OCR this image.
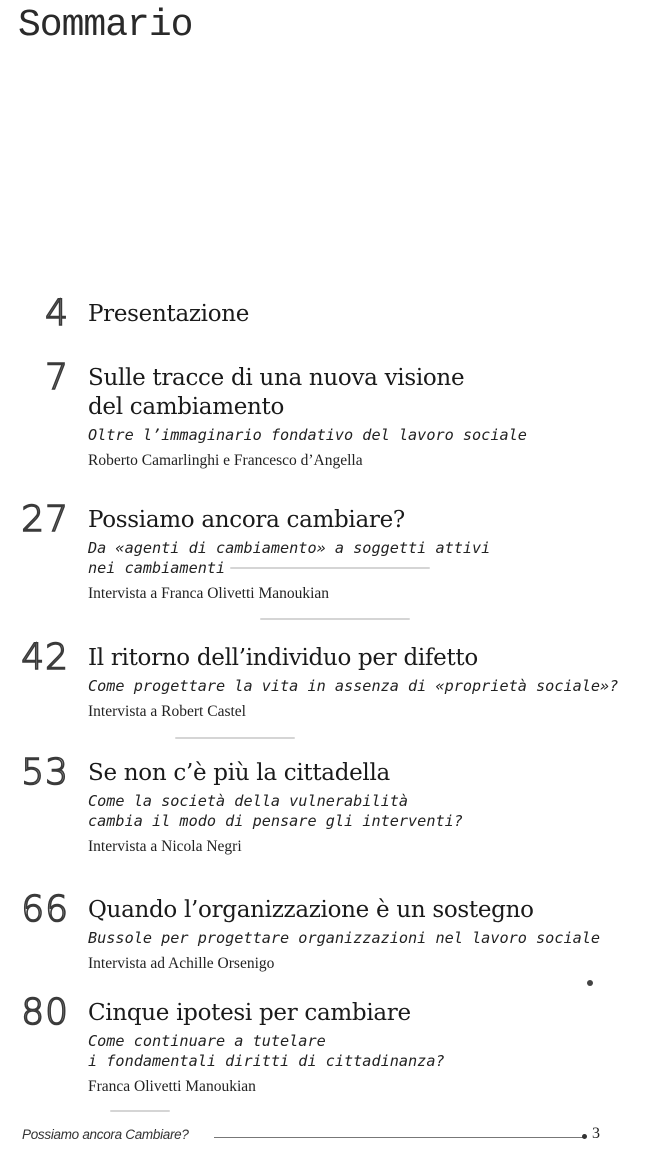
Sommario
4 Presentazione
7 Sulle tracce di una nuova visione
del cambiamento
Oltre l’immaginario fondativo del lavoro sociale
Roberto Camarlinghi e Francesco d’Angella
27 Possiamo ancora cambiare?
Da «agenti di cambiamento» a soggetti attivi
nei cambiamenti
Intervista a Franca Olivetti Manoukian
42 Il ritorno dell’individuo per difetto
Come progettare la vita in assenza di «proprietà sociale»?
Intervista a Robert Castel
53 Se non c’è più la cittadella
Come la società della vulnerabilità
cambia il modo di pensare gli interventi?
Intervista a Nicola Negri
66 Quando l’organizzazione è un sostegno
Bussole per progettare organizzazioni nel lavoro sociale
Intervista ad Achille Orsenigo
80 Cinque ipotesi per cambiare
Come continuare a tutelare
i fondamentali diritti di cittadinanza?
Franca Olivetti Manoukian
Possiamo ancora Cambiare?	3
